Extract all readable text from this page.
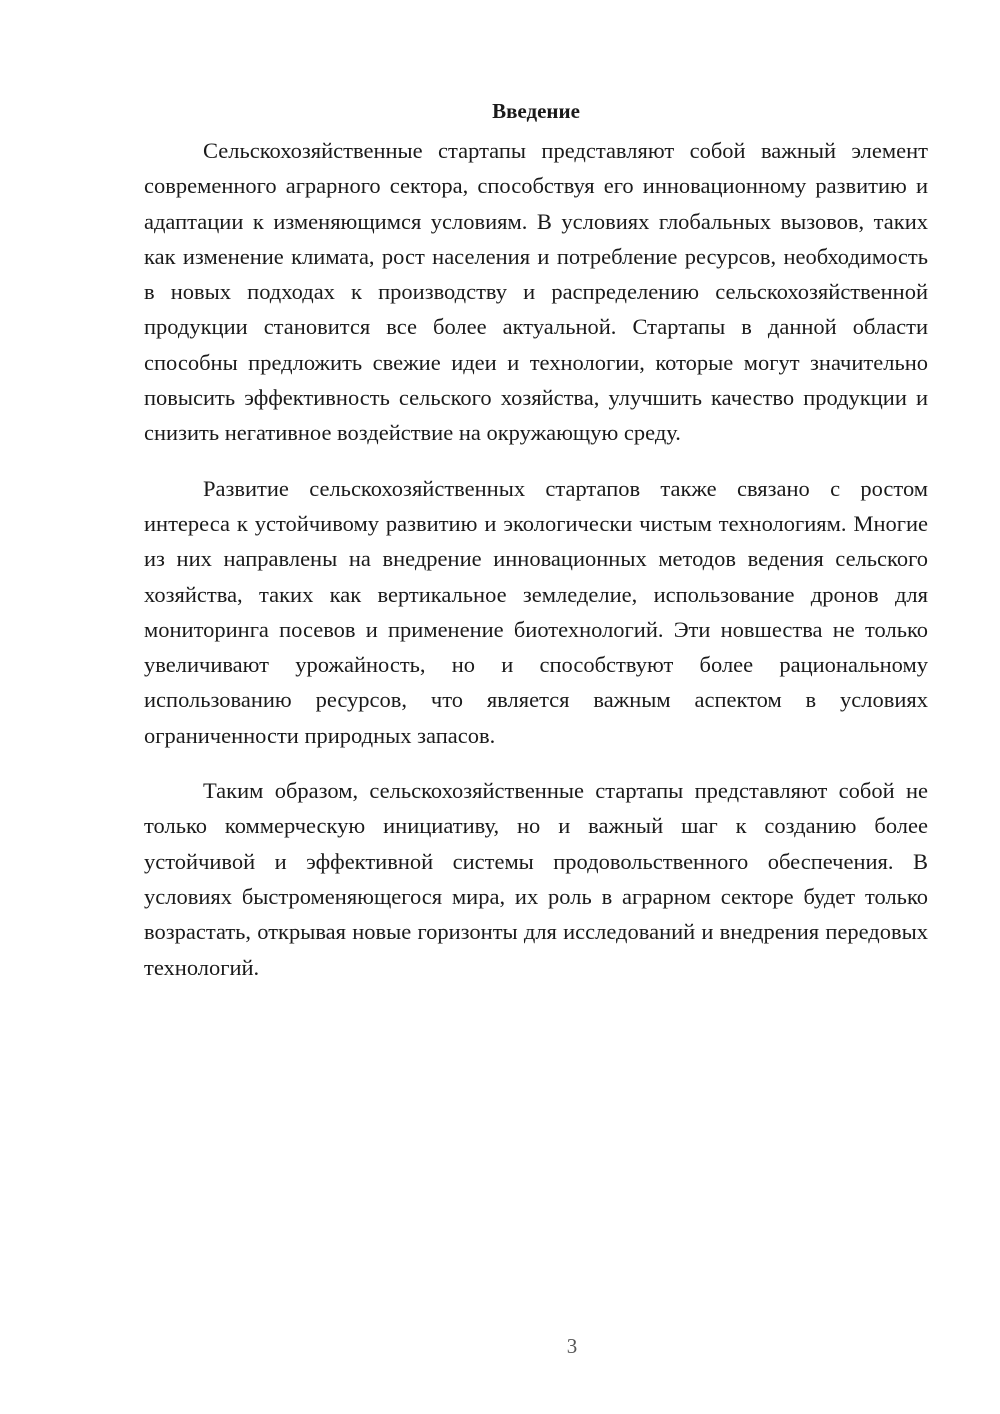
Введение

Сельскохозяйственные стартапы представляют собой важный элемент современного аграрного сектора, способствуя его инновационному развитию и адаптации к изменяющимся условиям. В условиях глобальных вызовов, таких как изменение климата, рост населения и потребление ресурсов, необходимость в новых подходах к производству и распределению сельскохозяйственной продукции становится все более актуальной. Стартапы в данной области способны предложить свежие идеи и технологии, которые могут значительно повысить эффективность сельского хозяйства, улучшить качество продукции и снизить негативное воздействие на окружающую среду.

Развитие сельскохозяйственных стартапов также связано с ростом интереса к устойчивому развитию и экологически чистым технологиям. Многие из них направлены на внедрение инновационных методов ведения сельского хозяйства, таких как вертикальное земледелие, использование дронов для мониторинга посевов и применение биотехнологий. Эти новшества не только увеличивают урожайность, но и способствуют более рациональному использованию ресурсов, что является важным аспектом в условиях ограниченности природных запасов.

Таким образом, сельскохозяйственные стартапы представляют собой не только коммерческую инициативу, но и важный шаг к созданию более устойчивой и эффективной системы продовольственного обеспечения. В условиях быстроменяющегося мира, их роль в аграрном секторе будет только возрастать, открывая новые горизонты для исследований и внедрения передовых технологий.

3
